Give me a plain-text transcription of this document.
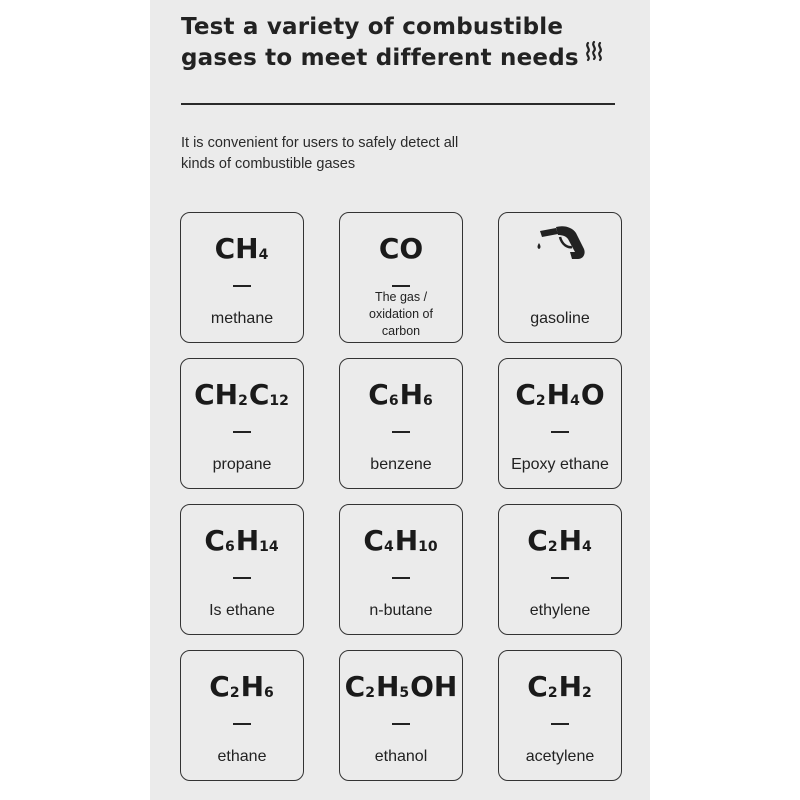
Test a variety of combustible
gases to meet different needs
It is convenient for users to safely detect all
kinds of combustible gases
$CH_4$
methane
CO
The gas / oxidation of carbon
gasoline
$CH_2C_{12}$
propane
$C_6H_6$
benzene
$C_2H_4O$
Epoxy ethane
$C_6H_{14}$
Is ethane
$C_4H_{10}$
n-butane
$C_2H_4$
ethylene
$C_2H_6$
ethane
$C_2H_5OH$
ethanol
$C_2H_2$
acetylene
